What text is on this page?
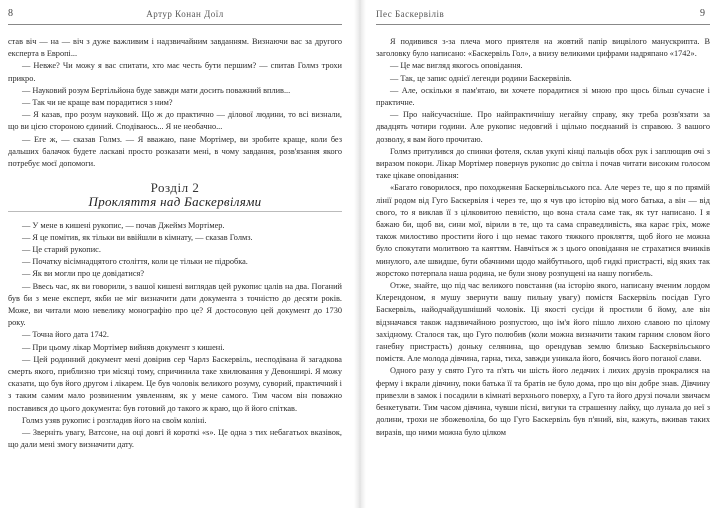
8	Артур Конан Доїл

став віч — на — віч з дуже важливим і надзвичайним завданням. Визнаючи вас за другого експерта в Европі...

— Невже? Чи можу я вас спитати, хто має честь бути першим? — спитав Голмз трохи прикро.

— Науковий розум Бертільйона буде завжди мати досить поважний вплив...

— Так чи не краще вам порадитися з ним?

— Я казав, про розум науковий. Що ж до практично — ділової людини, то всі визнали, що ви цією стороною єдиний. Сподіваюсь... Я не необачно...

— Еге ж, — сказав Голмз. — Я вважаю, пане Мортімер, ви зробите краще, коли без дальших балачок будете ласкаві просто розказати мені, в чому завдання, розв'язання якого потребує моєї допомоги.

Розділ 2
Прокляття над Баскервілями

— У мене в кишені рукопис, — почав Джеймз Мортімер.

— Я це помітив, як тільки ви ввійшли в кімнату, — сказав Голмз.

— Це старий рукопис.

— Початку вісімнадцятого століття, коли це тільки не підробка.

— Як ви могли про це довідатися?

— Ввесь час, як ви говорили, з вашої кишені виглядав цей рукопис цалів на два. Поганий був би з мене експерт, якби не міг визначити дати документа з точністю до десяти років. Може, ви читали мою невелику монографію про це? Я достосовую цей документ до 1730 року.

— Точна його дата 1742.

— При цьому лікар Мортімер вийняв документ з кишені.

— Цей родинний документ мені довірив сер Чарлз Баскервіль, несподівана й загадкова смерть якого, приблизно три місяці тому, спричинила таке хвилювання у Девонширі. Я можу сказати, що був його другом і лікарем. Це був чоловік великого розуму, суворий, практичний і з таким самим мало розвиненим уявленням, як у мене самого. Тим часом він поважно поставився до цього документа: був готовий до такого ж краю, що й його спіткав.

Голмз узяв рукопис і розгладив його на своїм коліні.

— Зверніть увагу, Ватсоне, на оці довгі й короткі «s». Це одна з тих небагатьох вказівок, що дали мені змогу визначити дату.

Пес Баскервілів	9

Я подивився з-за плеча мого приятеля на жовтий папір вицвілого манускрипта. В заголовку було написано: «Баскервіль Гол», а внизу великими цифрами надряпано «1742».

— Це має вигляд якогось оповідання.

— Так, це запис однієї легенди родини Баскервілів.

— Але, оскільки я пам'ятаю, ви хочете порадитися зі мною про щось більш сучасне і практичне.

— Про найсучасніше. Про найпрактичнішу негайну справу, яку треба розв'язати за двадцять чотири години. Але рукопис недовгий і щільно поєднаний із справою. З вашого дозволу, я вам його прочитаю.

Голмз притулився до спинки фотеля, склав укупі кінці пальців обох рук і заплющив очі з виразом покори. Лікар Мортімер повернув рукопис до світла і почав читати високим голосом таке цікаве оповідання:

«Багато говорилося, про походження Баскервільського пса. Але через те, що я по прямій лінії родом від Гуго Баскервіля і через те, що я чув цю історію від мого батька, а він — від свого, то я виклав її з цілковитою певністю, що вона стала саме так, як тут написано. І я бажаю би, щоб ви, сини мої, вірили в те, що та сама справедливість, яка карає гріх, може також милостиво простити його і що немає такого тяжкого прокляття, щоб його не можна було спокутати молитвою та каяттям. Навчіться ж з цього оповідання не страхатися вчинків минулого, але швидше, бути обачними щодо майбутнього, щоб гидкі пристрасті, від яких так жорстоко потерпала наша родина, не були знову розпущені на нашу погибель.

Отже, знайте, що під час великого повстання (на історію якого, написану вченим лордом Клерендоном, я мушу звернути вашу пильну увагу) помістя Баскервіль посідав Гуго Баскервіль, найодчайдушніший чоловік. Ці якості сусіди й простили б йому, але він відзначався також надзвичайною розпустою, що ім'я його пішло лихою славою по цілому західному. Сталося так, що Гуго полюбив (коли можна визначити таким гарним словом його ганебну пристрасть) доньку селянина, що орендував землю близько Баскервільського помістя. Але молода дівчина, гарна, тиха, завжди уникала його, боячись його поганої слави.

Одного разу у свято Гуго та п'ять чи шість його ледачих і лихих друзів прокралися на ферму і вкрали дівчину, поки батька її та братів не було дома, про що він добре знав. Дівчину привезли в замок і посадили в кімнаті верхнього поверху, а Гуго та його друзі почали звичаєм бенкетувати. Тим часом дівчина, чувши пісні, вигуки та страшенну лайку, що лунала до неї з долини, трохи не збожеволіла, бо що Гуго Баскервіль був п'яний, він, кажуть, вживав таких виразів, що ними можна було цілком
